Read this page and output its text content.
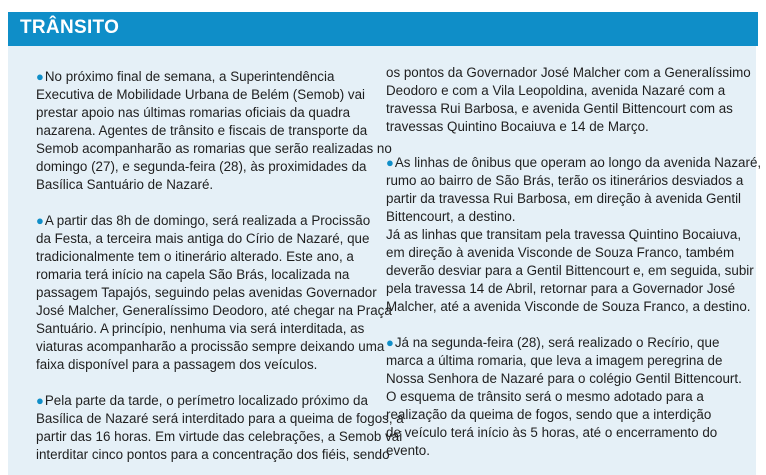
TRÂNSITO

●No próximo final de semana, a Superintendência
Executiva de Mobilidade Urbana de Belém (Semob) vai
prestar apoio nas últimas romarias oficiais da quadra
nazarena. Agentes de trânsito e fiscais de transporte da
Semob acompanharão as romarias que serão realizadas no
domingo (27), e segunda-feira (28), às proximidades da
Basílica Santuário de Nazaré.

●A partir das 8h de domingo, será realizada a Procissão
da Festa, a terceira mais antiga do Círio de Nazaré, que
tradicionalmente tem o itinerário alterado. Este ano, a
romaria terá início na capela São Brás, localizada na
passagem Tapajós, seguindo pelas avenidas Governador
José Malcher, Generalíssimo Deodoro, até chegar na Praça
Santuário. A princípio, nenhuma via será interditada, as
viaturas acompanharão a procissão sempre deixando uma
faixa disponível para a passagem dos veículos.

●Pela parte da tarde, o perímetro localizado próximo da
Basílica de Nazaré será interditado para a queima de fogos, a
partir das 16 horas. Em virtude das celebrações, a Semob vai
interditar cinco pontos para a concentração dos fiéis, sendo

os pontos da Governador José Malcher com a Generalíssimo
Deodoro e com a Vila Leopoldina, avenida Nazaré com a
travessa Rui Barbosa, e avenida Gentil Bittencourt com as
travessas Quintino Bocaiuva e 14 de Março.

●As linhas de ônibus que operam ao longo da avenida Nazaré,
rumo ao bairro de São Brás, terão os itinerários desviados a
partir da travessa Rui Barbosa, em direção à avenida Gentil
Bittencourt, a destino.
Já as linhas que transitam pela travessa Quintino Bocaiuva,
em direção à avenida Visconde de Souza Franco, também
deverão desviar para a Gentil Bittencourt e, em seguida, subir
pela travessa 14 de Abril, retornar para a Governador José
Malcher, até a avenida Visconde de Souza Franco, a destino.

●Já na segunda-feira (28), será realizado o Recírio, que
marca a última romaria, que leva a imagem peregrina de
Nossa Senhora de Nazaré para o colégio Gentil Bittencourt.
O esquema de trânsito será o mesmo adotado para a
realização da queima de fogos, sendo que a interdição
de veículo terá início às 5 horas, até o encerramento do
evento.
